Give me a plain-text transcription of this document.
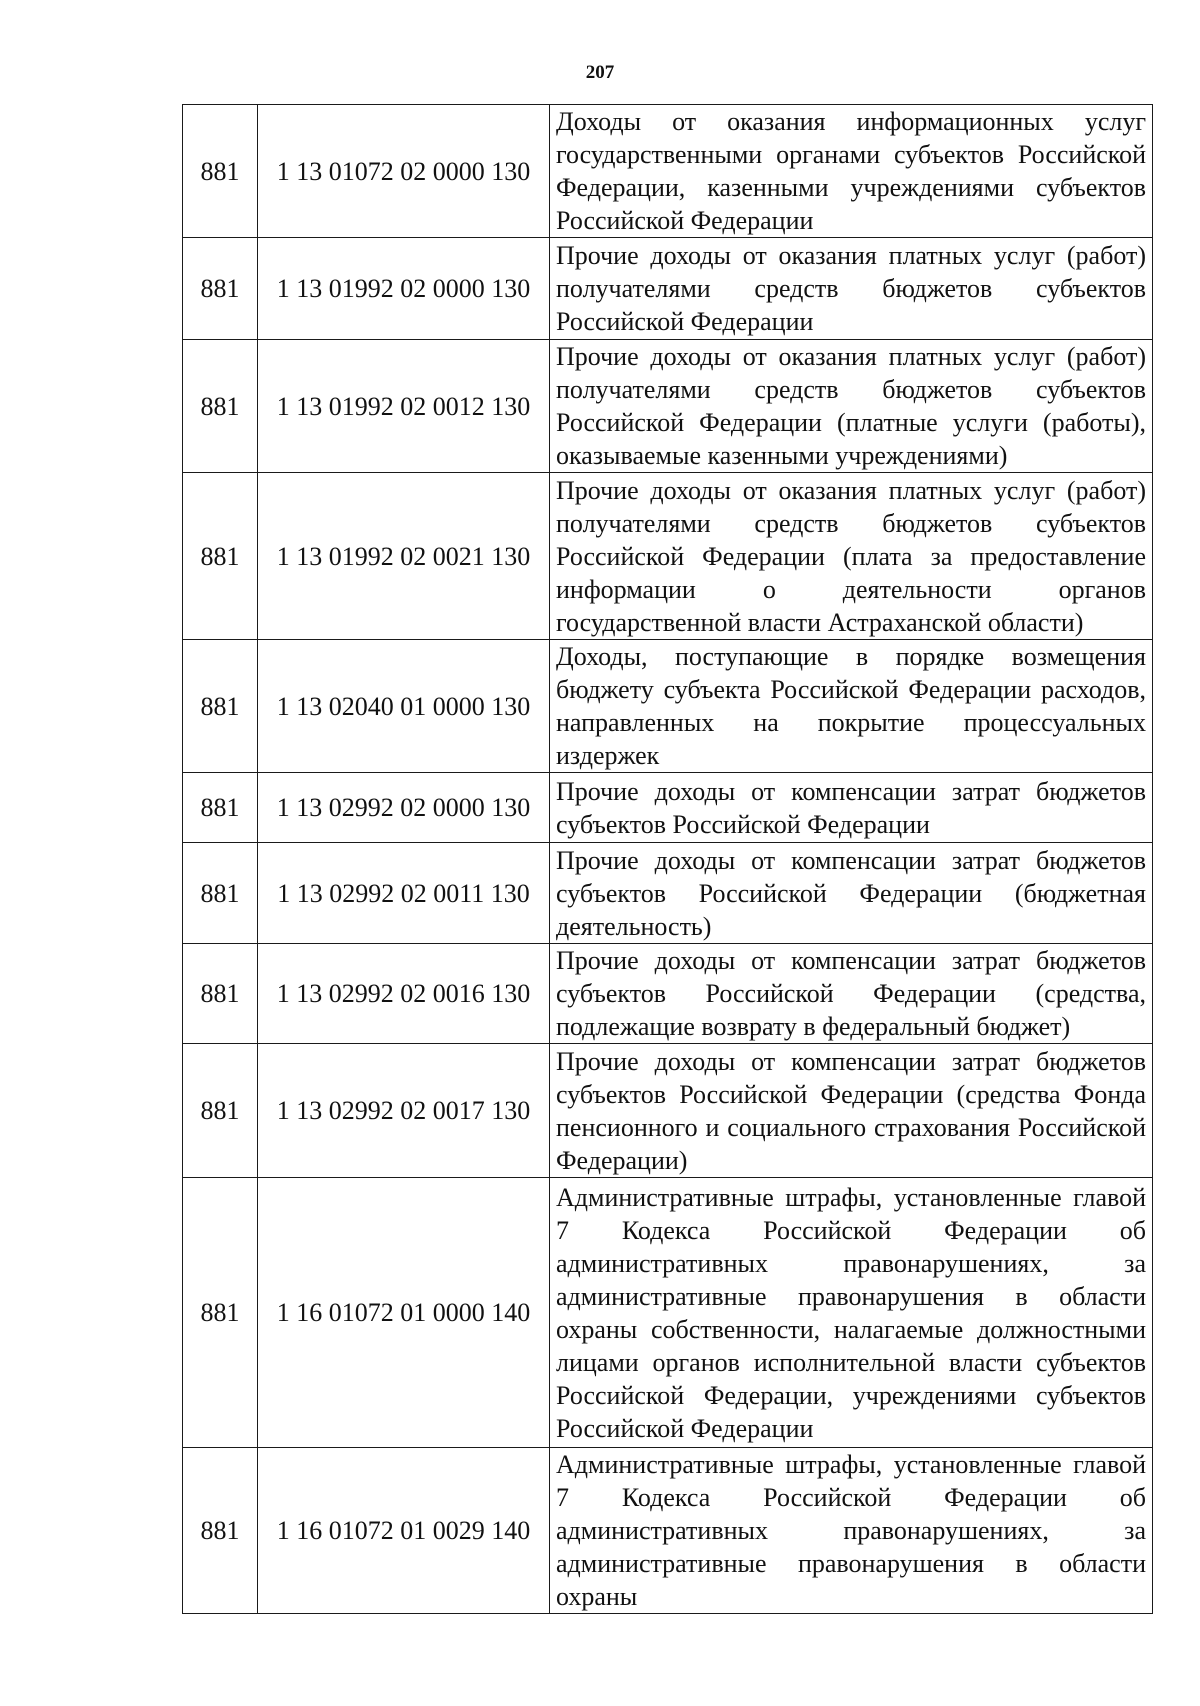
207
881	1 13 01072 02 0000 130	Доходы от оказания информационных услуг государственными органами субъектов Российской Федерации, казенными учреждениями субъектов Российской Федерации
881	1 13 01992 02 0000 130	Прочие доходы от оказания платных услуг (работ) получателями средств бюджетов субъектов Российской Федерации
881	1 13 01992 02 0012 130	Прочие доходы от оказания платных услуг (работ) получателями средств бюджетов субъектов Российской Федерации (платные услуги (работы), оказываемые казенными учреждениями)
881	1 13 01992 02 0021 130	Прочие доходы от оказания платных услуг (работ) получателями средств бюджетов субъектов Российской Федерации (плата за предоставление информации о деятельности органов государственной власти Астраханской области)
881	1 13 02040 01 0000 130	Доходы, поступающие в порядке возмещения бюджету субъекта Российской Федерации расходов, направленных на покрытие процессуальных издержек
881	1 13 02992 02 0000 130	Прочие доходы от компенсации затрат бюджетов субъектов Российской Федерации
881	1 13 02992 02 0011 130	Прочие доходы от компенсации затрат бюджетов субъектов Российской Федерации (бюджетная деятельность)
881	1 13 02992 02 0016 130	Прочие доходы от компенсации затрат бюджетов субъектов Российской Федерации (средства, подлежащие возврату в федеральный бюджет)
881	1 13 02992 02 0017 130	Прочие доходы от компенсации затрат бюджетов субъектов Российской Федерации (средства Фонда пенсионного и социального страхования Российской Федерации)
881	1 16 01072 01 0000 140	Административные штрафы, установленные главой 7 Кодекса Российской Федерации об административных правонарушениях, за административные правонарушения в области охраны собственности, налагаемые должностными лицами органов исполнительной власти субъектов Российской Федерации, учреждениями субъектов Российской Федерации
881	1 16 01072 01 0029 140	Административные штрафы, установленные главой 7 Кодекса Российской Федерации об административных правонарушениях, за административные правонарушения в области охраны
